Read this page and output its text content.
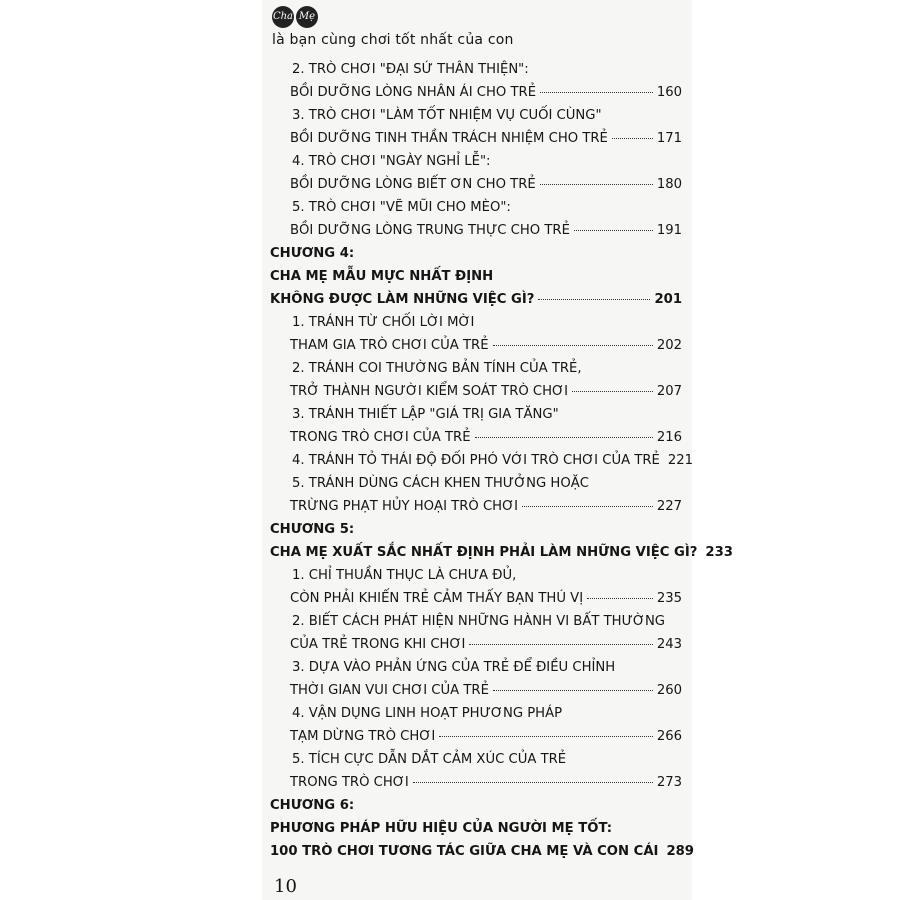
Cha Mẹ
là bạn cùng chơi tốt nhất của con
2. TRÒ CHƠI "ĐẠI SỨ THÂN THIỆN":
BỒI DƯỠNG LÒNG NHÂN ÁI CHO TRẺ	160
3. TRÒ CHƠI "LÀM TỐT NHIỆM VỤ CUỐI CÙNG"
BỒI DƯỠNG TINH THẦN TRÁCH NHIỆM CHO TRẺ	171
4. TRÒ CHƠI "NGÀY NGHỈ LỄ":
BỒI DƯỠNG LÒNG BIẾT ƠN CHO TRẺ	180
5. TRÒ CHƠI "VẼ MŨI CHO MÈO":
BỒI DƯỠNG LÒNG TRUNG THỰC CHO TRẺ	191
CHƯƠNG 4:
CHA MẸ MẪU MỰC NHẤT ĐỊNH
KHÔNG ĐƯỢC LÀM NHỮNG VIỆC GÌ?	201
1. TRÁNH TỪ CHỐI LỜI MỜI
THAM GIA TRÒ CHƠI CỦA TRẺ	202
2. TRÁNH COI THƯỜNG BẢN TÍNH CỦA TRẺ,
TRỞ THÀNH NGƯỜI KIỂM SOÁT TRÒ CHƠI	207
3. TRÁNH THIẾT LẬP "GIÁ TRỊ GIA TĂNG"
TRONG TRÒ CHƠI CỦA TRẺ	216
4. TRÁNH TỎ THÁI ĐỘ ĐỐI PHÓ VỚI TRÒ CHƠI CỦA TRẺ 221
5. TRÁNH DÙNG CÁCH KHEN THƯỞNG HOẶC
TRỪNG PHẠT HỦY HOẠI TRÒ CHƠI	227
CHƯƠNG 5:
CHA MẸ XUẤT SẮC NHẤT ĐỊNH PHẢI LÀM NHỮNG VIỆC GÌ? 233
1. CHỈ THUẦN THỤC LÀ CHƯA ĐỦ,
CÒN PHẢI KHIẾN TRẺ CẢM THẤY BẠN THÚ VỊ	235
2. BIẾT CÁCH PHÁT HIỆN NHỮNG HÀNH VI BẤT THƯỜNG
CỦA TRẺ TRONG KHI CHƠI	243
3. DỰA VÀO PHẢN ỨNG CỦA TRẺ ĐỂ ĐIỀU CHỈNH
THỜI GIAN VUI CHƠI CỦA TRẺ	260
4. VẬN DỤNG LINH HOẠT PHƯƠNG PHÁP
TẠM DỪNG TRÒ CHƠI	266
5. TÍCH CỰC DẪN DẮT CẢM XÚC CỦA TRẺ
TRONG TRÒ CHƠI	273
CHƯƠNG 6:
PHƯƠNG PHÁP HỮU HIỆU CỦA NGƯỜI MẸ TỐT:
100 TRÒ CHƠI TƯƠNG TÁC GIỮA CHA MẸ VÀ CON CÁI 289
10
